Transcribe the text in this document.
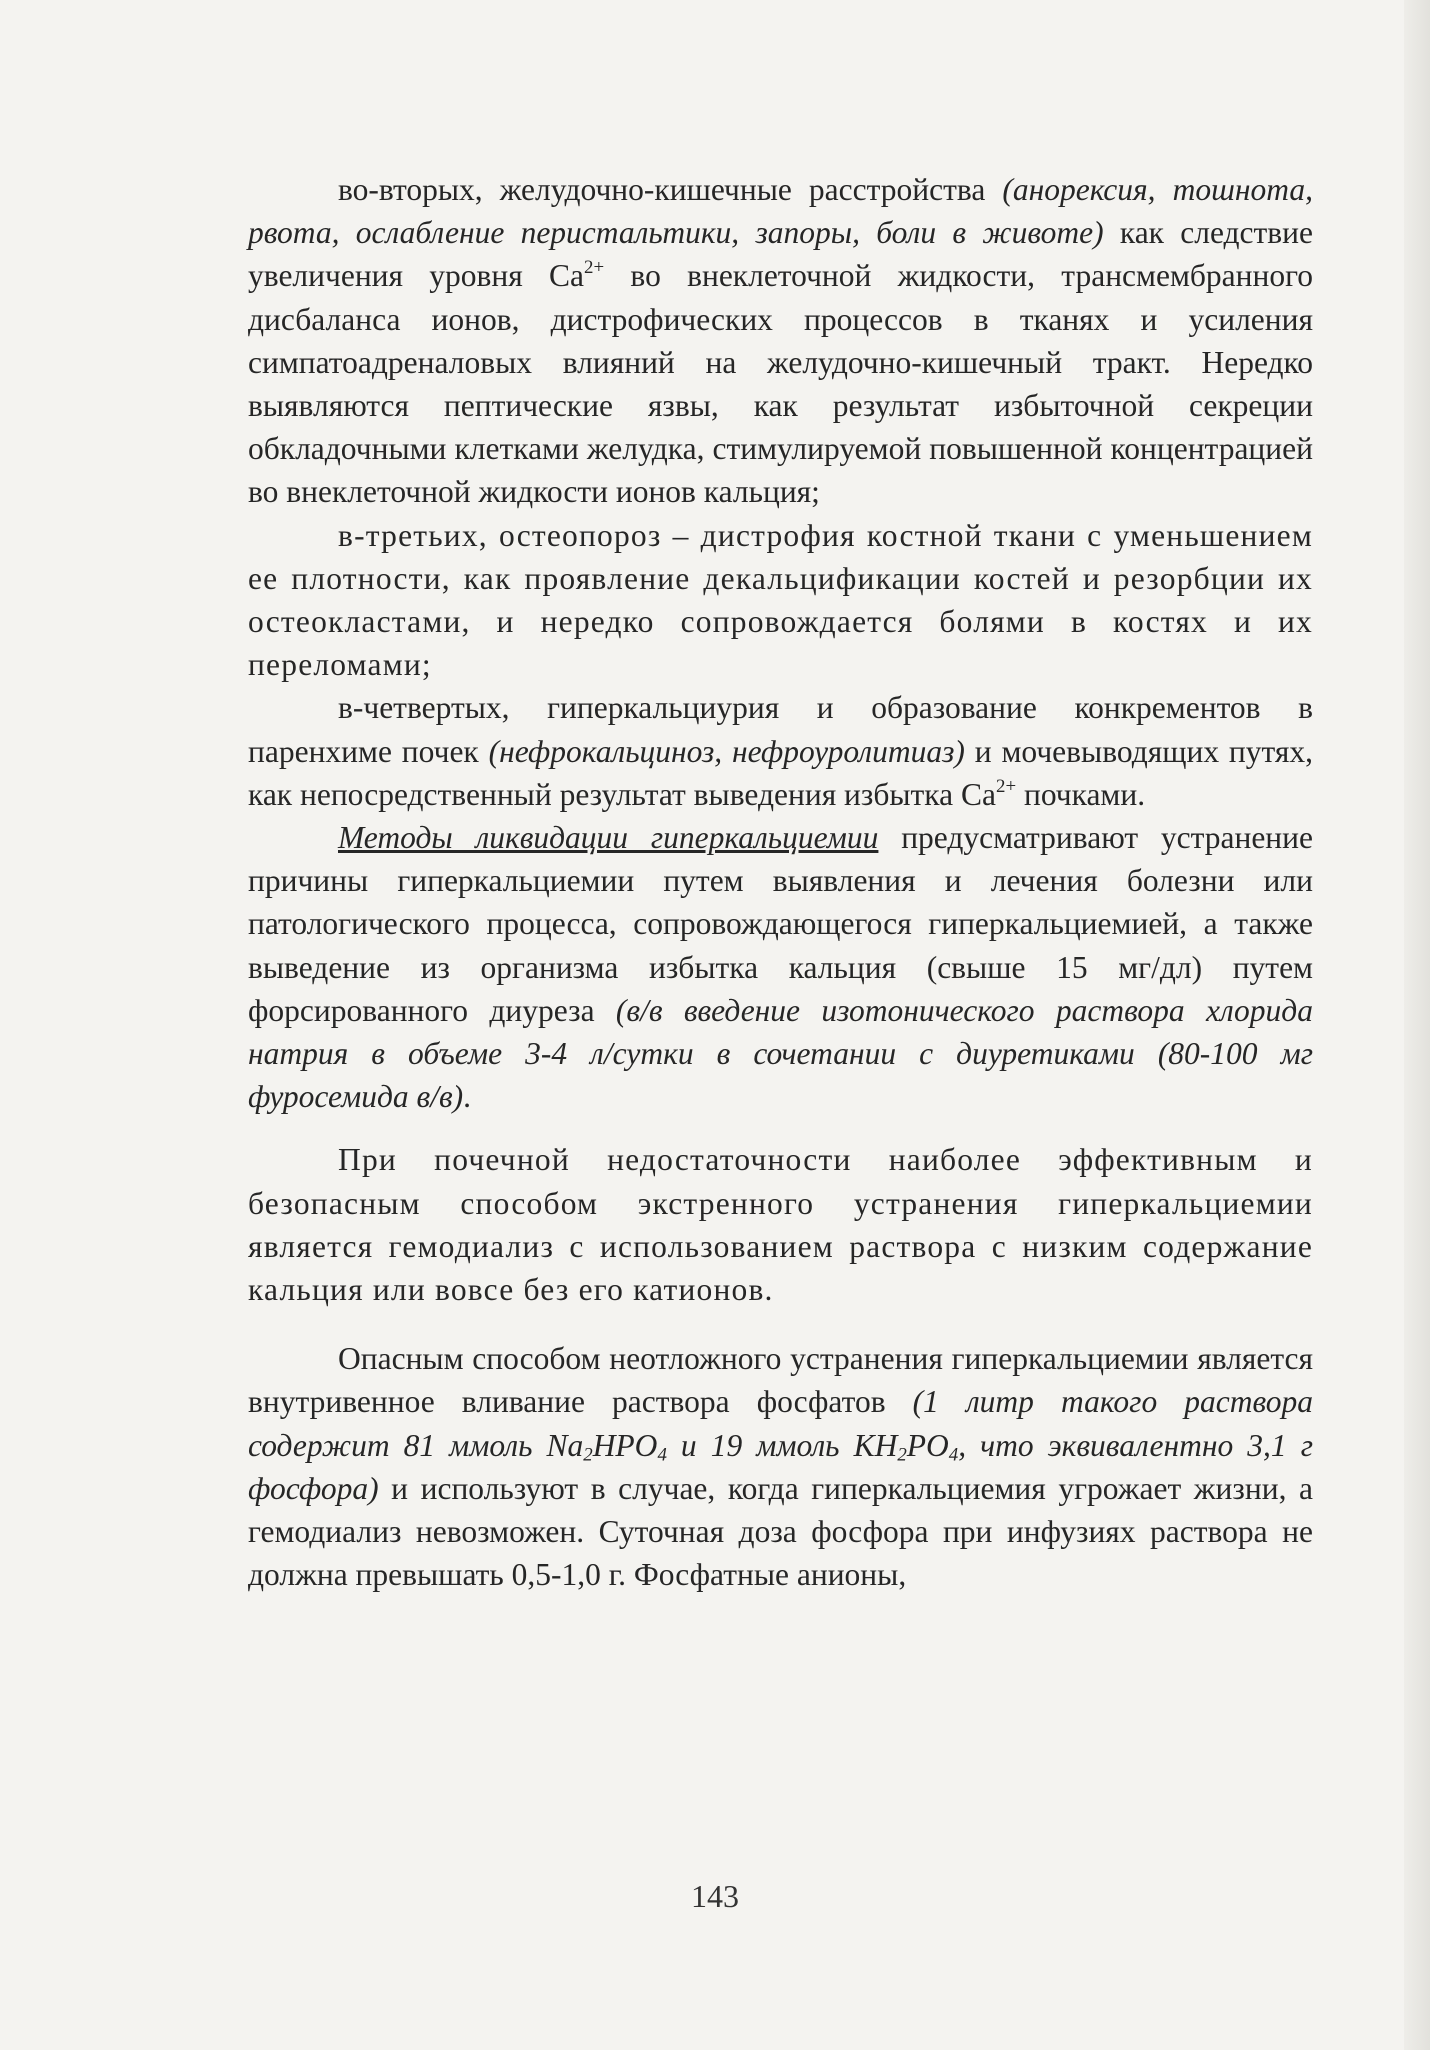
во-вторых, желудочно-кишечные расстройства (анорексия, тошнота, рвота, ослабление перистальтики, запоры, боли в животе) как следствие увеличения уровня $Ca^{2+}$ во внеклеточной жидкости, трансмембранного дисбаланса ионов, дистрофических процессов в тканях и усиления симпатоадреналовых влияний на желудочно-кишечный тракт. Нередко выявляются пептические язвы, как результат избыточной секреции обкладочными клетками желудка, стимулируемой повышенной концентрацией во внеклеточной жидкости ионов кальция;

в-третьих, остеопороз – дистрофия костной ткани с уменьшением ее плотности, как проявление декальцификации костей и резорбции их остеокластами, и нередко сопровождается болями в костях и их переломами;

в-четвертых, гиперкальциурия и образование конкрементов в паренхиме почек (нефрокальциноз, нефроуролитиаз) и мочевыводящих путях, как непосредственный результат выведения избытка $Ca^{2+}$ почками.

Методы ликвидации гиперкальциемии предусматривают устранение причины гиперкальциемии путем выявления и лечения болезни или патологического процесса, сопровождающегося гиперкальциемией, а также выведение из организма избытка кальция (свыше 15 мг/дл) путем форсированного диуреза (в/в введение изотонического раствора хлорида натрия в объеме 3-4 л/сутки в сочетании с диуретиками (80-100 мг фуросемида в/в).

При почечной недостаточности наиболее эффективным и безопасным способом экстренного устранения гиперкальциемии является гемодиализ с использованием раствора с низким содержание кальция или вовсе без его катионов.

Опасным способом неотложного устранения гиперкальциемии является внутривенное вливание раствора фосфатов (1 литр такого раствора содержит 81 ммоль $Na_2HPO_4$ и 19 ммоль $KH_2PO_4$, что эквивалентно 3,1 г фосфора) и используют в случае, когда гиперкальциемия угрожает жизни, а гемодиализ невозможен. Суточная доза фосфора при инфузиях раствора не должна превышать 0,5-1,0 г. Фосфатные анионы,

143
